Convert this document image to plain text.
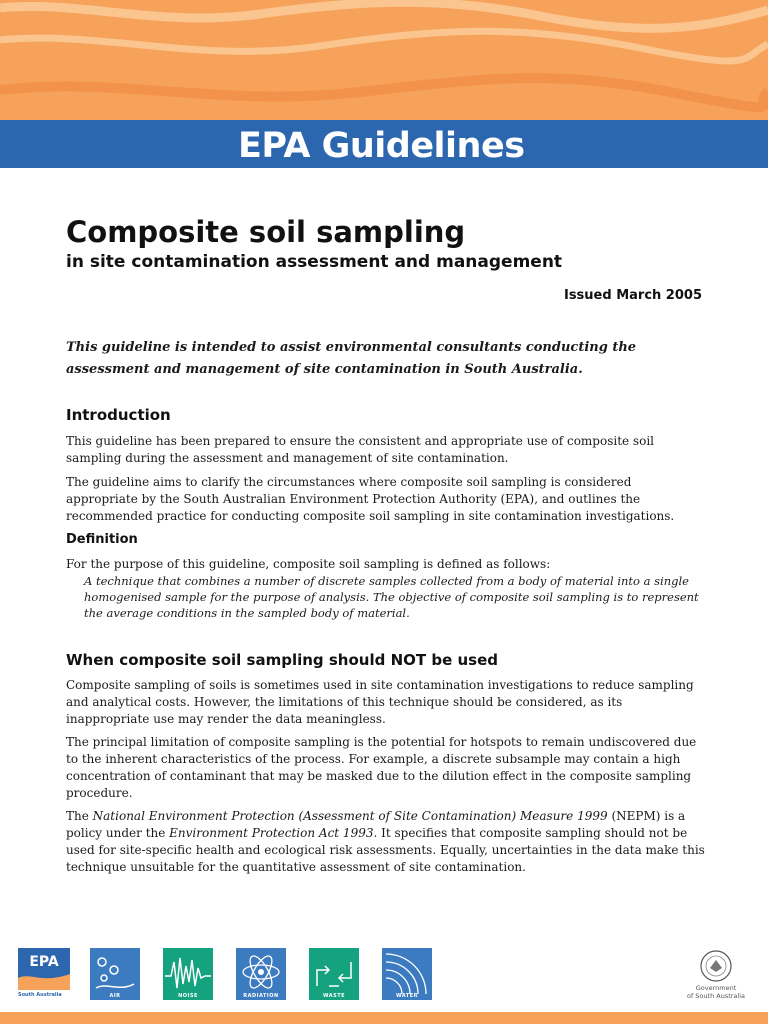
EPA Guidelines
Composite soil sampling
in site contamination assessment and management
Issued March 2005

This guideline is intended to assist environmental consultants conducting the assessment and management of site contamination in South Australia.

Introduction

This guideline has been prepared to ensure the consistent and appropriate use of composite soil sampling during the assessment and management of site contamination.

The guideline aims to clarify the circumstances where composite soil sampling is considered appropriate by the South Australian Environment Protection Authority (EPA), and outlines the recommended practice for conducting composite soil sampling in site contamination investigations.

Definition

For the purpose of this guideline, composite soil sampling is defined as follows:

A technique that combines a number of discrete samples collected from a body of material into a single homogenised sample for the purpose of analysis. The objective of composite soil sampling is to represent the average conditions in the sampled body of material.

When composite soil sampling should NOT be used

Composite sampling of soils is sometimes used in site contamination investigations to reduce sampling and analytical costs. However, the limitations of this technique should be considered, as its inappropriate use may render the data meaningless.

The principal limitation of composite sampling is the potential for hotspots to remain undiscovered due to the inherent characteristics of the process. For example, a discrete subsample may contain a high concentration of contaminant that may be masked due to the dilution effect in the composite sampling procedure.

The National Environment Protection (Assessment of Site Contamination) Measure 1999 (NEPM) is a policy under the Environment Protection Act 1993. It specifies that composite sampling should not be used for site-specific health and ecological risk assessments. Equally, uncertainties in the data make this technique unsuitable for the quantitative assessment of site contamination.

EPA
South Australia	AIR	NOISE	RADIATION	WASTE	WATER
Government
of South Australia
